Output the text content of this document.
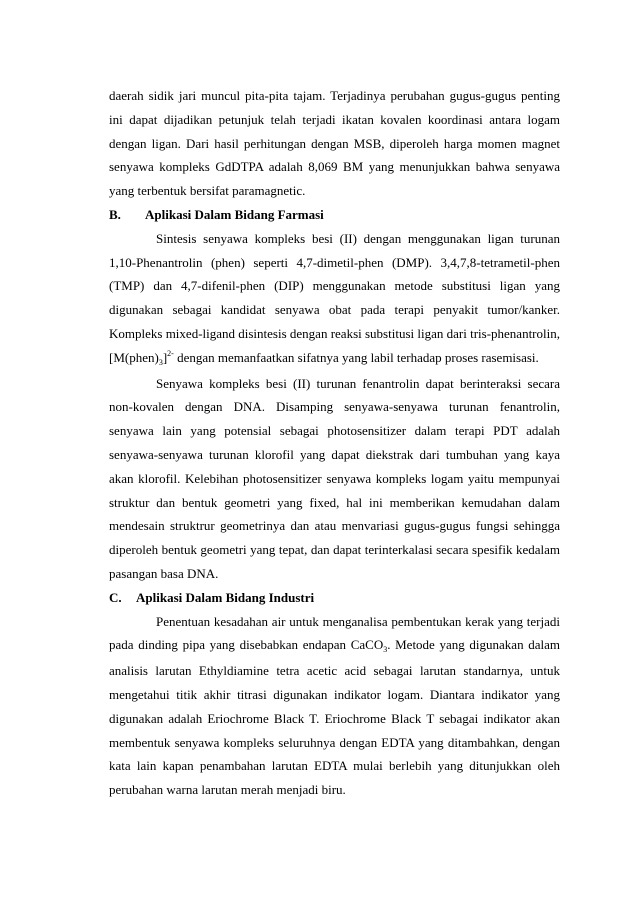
daerah sidik jari muncul pita-pita tajam. Terjadinya perubahan gugus-gugus penting ini dapat dijadikan petunjuk telah terjadi ikatan kovalen koordinasi antara logam dengan ligan. Dari hasil perhitungan dengan MSB, diperoleh harga momen magnet senyawa kompleks GdDTPA adalah 8,069 BM yang menunjukkan bahwa senyawa yang terbentuk bersifat paramagnetic.

B.	Aplikasi Dalam Bidang Farmasi

Sintesis senyawa kompleks besi (II) dengan menggunakan ligan turunan 1,10-Phenantrolin (phen) seperti 4,7-dimetil-phen (DMP). 3,4,7,8-tetrametil-phen (TMP) dan 4,7-difenil-phen (DIP) menggunakan metode substitusi ligan yang digunakan sebagai kandidat senyawa obat pada terapi penyakit tumor/kanker. Kompleks mixed-ligand disintesis dengan reaksi substitusi ligan dari tris-phenantrolin, $[M(phen)_3]^{2-}$ dengan memanfaatkan sifatnya yang labil terhadap proses rasemisasi.

Senyawa kompleks besi (II) turunan fenantrolin dapat berinteraksi secara non-kovalen dengan DNA. Disamping senyawa-senyawa turunan fenantrolin, senyawa lain yang potensial sebagai photosensitizer dalam terapi PDT adalah senyawa-senyawa turunan klorofil yang dapat diekstrak dari tumbuhan yang kaya akan klorofil. Kelebihan photosensitizer senyawa kompleks logam yaitu mempunyai struktur dan bentuk geometri yang fixed, hal ini memberikan kemudahan dalam mendesain struktrur geometrinya dan atau menvariasi gugus-gugus fungsi sehingga diperoleh bentuk geometri yang tepat, dan dapat terinterkalasi secara spesifik kedalam pasangan basa DNA.

C.	Aplikasi Dalam Bidang Industri

Penentuan kesadahan air untuk menganalisa pembentukan kerak yang terjadi pada dinding pipa yang disebabkan endapan CaCO$_3$. Metode yang digunakan dalam analisis larutan Ethyldiamine tetra acetic acid sebagai larutan standarnya, untuk mengetahui titik akhir titrasi digunakan indikator logam. Diantara indikator yang digunakan adalah Eriochrome Black T. Eriochrome Black T sebagai indikator akan membentuk senyawa kompleks seluruhnya dengan EDTA yang ditambahkan, dengan kata lain kapan penambahan larutan EDTA mulai berlebih yang ditunjukkan oleh perubahan warna larutan merah menjadi biru.
